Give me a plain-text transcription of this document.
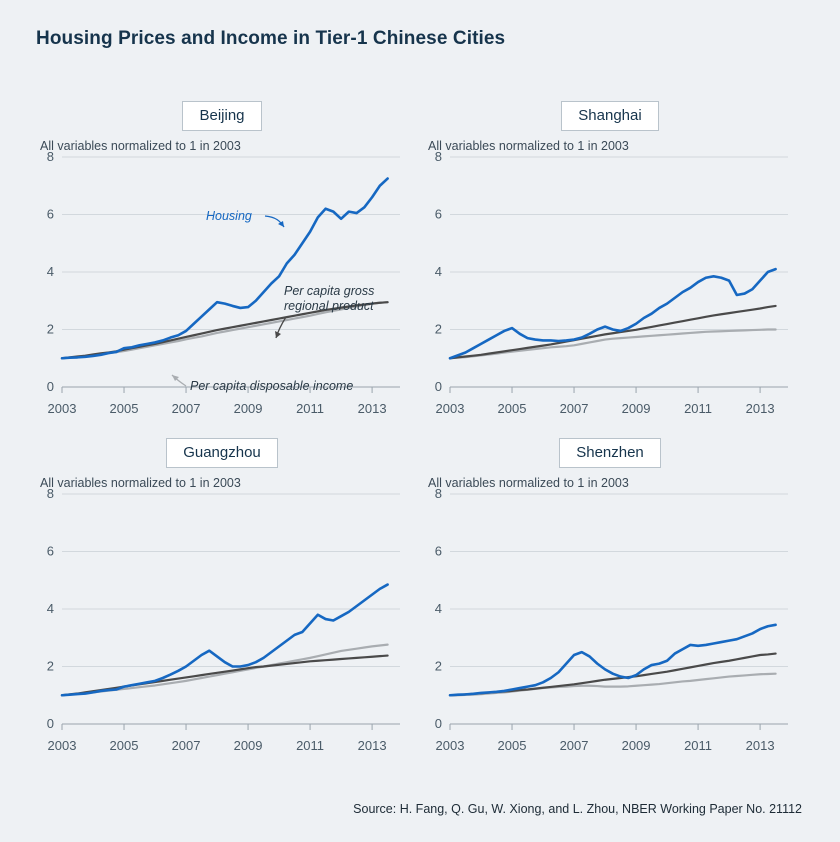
Housing Prices and Income in Tier-1 Chinese Cities
Beijing
All variables normalized to 1 in 2003
0
2
4
6
8
2003	2005	2007	2009	2011	2013
Housing
Per capita gross
regional product
Per capita disposable income
Shanghai
All variables normalized to 1 in 2003
0
2
4
6
8
2003	2005	2007	2009	2011	2013
Guangzhou
All variables normalized to 1 in 2003
0
2
4
6
8
2003	2005	2007	2009	2011	2013
Shenzhen
All variables normalized to 1 in 2003
0
2
4
6
8
2003	2005	2007	2009	2011	2013
Source: H. Fang, Q. Gu, W. Xiong, and L. Zhou, NBER Working Paper No. 21112
